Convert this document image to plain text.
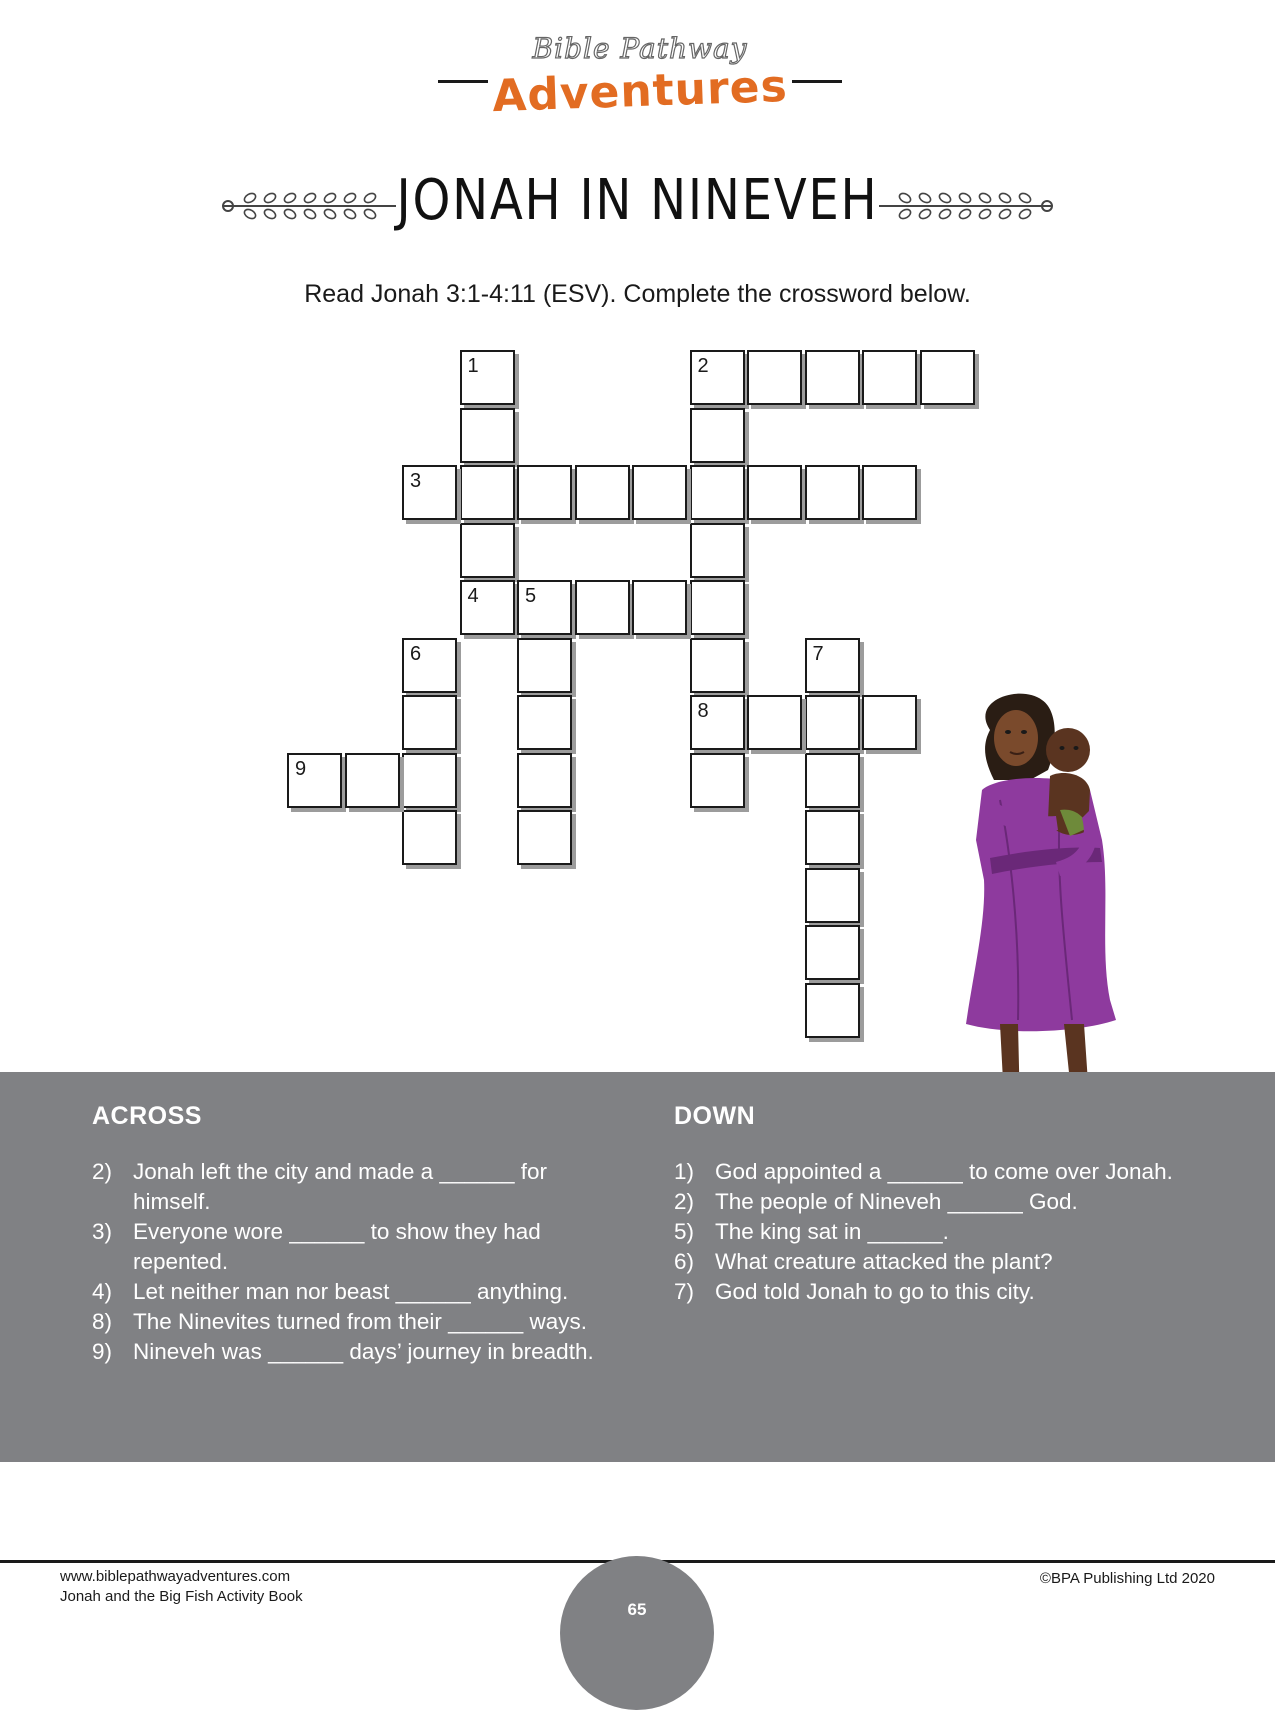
Bible Pathway
Adventures
JONAH IN NINEVEH
Read Jonah 3:1-4:11 (ESV). Complete the crossword below.
1
4
2
8
3
5
6
9
7
ACROSS
2) Jonah left the city and made a ______ for himself.
3) Everyone wore ______ to show they had repented.
4) Let neither man nor beast ______ anything.
8) The Ninevites turned from their ______ ways.
9) Nineveh was ______ days’ journey in breadth.
DOWN
1) God appointed a ______ to come over Jonah.
2) The people of Nineveh ______ God.
5) The king sat in ______.
6) What creature attacked the plant?
7) God told Jonah to go to this city.
www.biblepathwayadventures.com
Jonah and the Big Fish Activity Book
©BPA Publishing Ltd 2020
65
